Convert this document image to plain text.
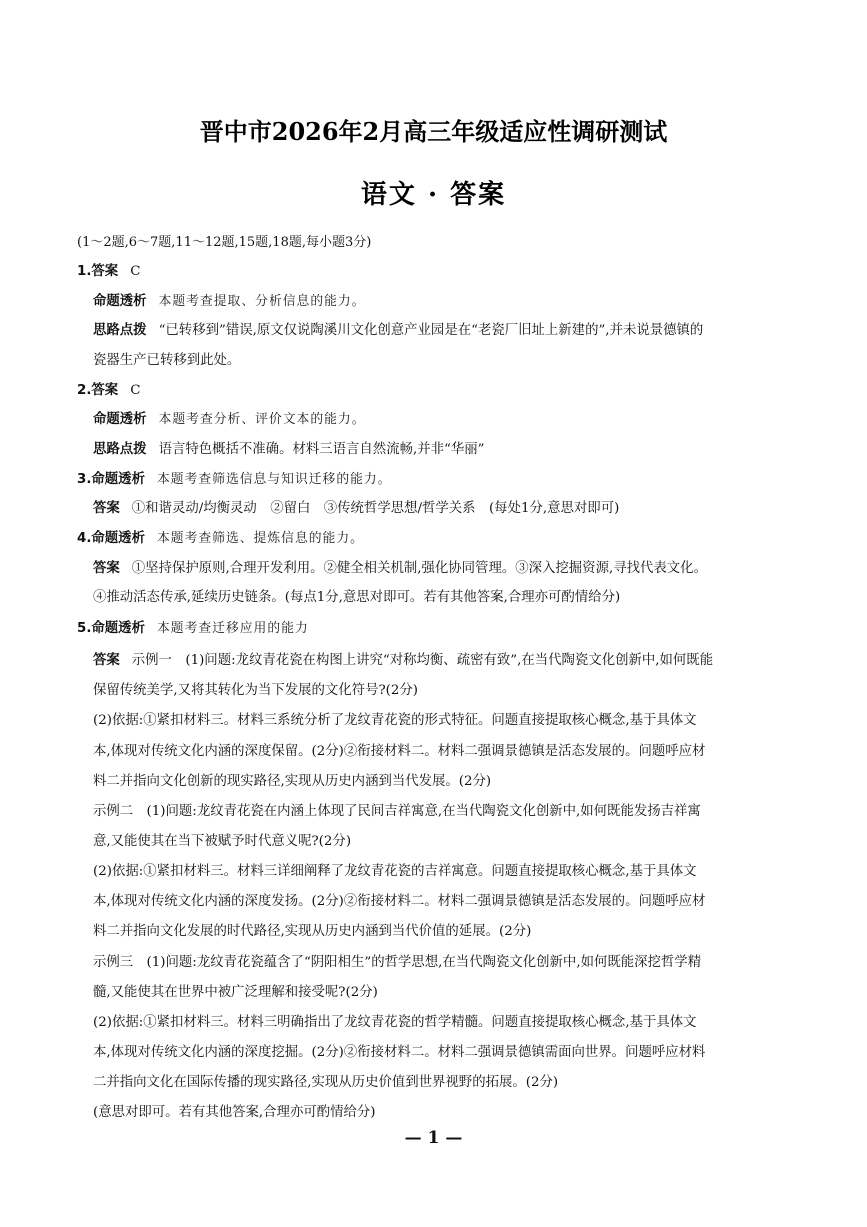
晋中市2026年2月高三年级适应性调研测试
语文 · 答案
(1～2题,6～7题,11～12题,15题,18题,每小题3分)
1.答案 C
命题透析 本题考查提取、分析信息的能力。
思路点拨 “已转移到”错误,原文仅说陶溪川文化创意产业园是在“老瓷厂旧址上新建的”,并未说景德镇的
瓷器生产已转移到此处。
2.答案 C
命题透析 本题考查分析、评价文本的能力。
思路点拨 语言特色概括不准确。材料三语言自然流畅,并非“华丽”
3.命题透析 本题考查筛选信息与知识迁移的能力。
答案 ①和谐灵动/均衡灵动　②留白　③传统哲学思想/哲学关系　(每处1分,意思对即可)
4.命题透析 本题考查筛选、提炼信息的能力。
答案 ①坚持保护原则,合理开发利用。②健全相关机制,强化协同管理。③深入挖掘资源,寻找代表文化。
④推动活态传承,延续历史链条。(每点1分,意思对即可。若有其他答案,合理亦可酌情给分)
5.命题透析 本题考查迁移应用的能力
答案 示例一　(1)问题:龙纹青花瓷在构图上讲究“对称均衡、疏密有致”,在当代陶瓷文化创新中,如何既能
保留传统美学,又将其转化为当下发展的文化符号?(2分)
(2)依据:①紧扣材料三。材料三系统分析了龙纹青花瓷的形式特征。问题直接提取核心概念,基于具体文
本,体现对传统文化内涵的深度保留。(2分)②衔接材料二。材料二强调景德镇是活态发展的。问题呼应材
料二并指向文化创新的现实路径,实现从历史内涵到当代发展。(2分)
示例二　(1)问题:龙纹青花瓷在内涵上体现了民间吉祥寓意,在当代陶瓷文化创新中,如何既能发扬吉祥寓
意,又能使其在当下被赋予时代意义呢?(2分)
(2)依据:①紧扣材料三。材料三详细阐释了龙纹青花瓷的吉祥寓意。问题直接提取核心概念,基于具体文
本,体现对传统文化内涵的深度发扬。(2分)②衔接材料二。材料二强调景德镇是活态发展的。问题呼应材
料二并指向文化发展的时代路径,实现从历史内涵到当代价值的延展。(2分)
示例三　(1)问题:龙纹青花瓷蕴含了“阴阳相生”的哲学思想,在当代陶瓷文化创新中,如何既能深挖哲学精
髓,又能使其在世界中被广泛理解和接受呢?(2分)
(2)依据:①紧扣材料三。材料三明确指出了龙纹青花瓷的哲学精髓。问题直接提取核心概念,基于具体文
本,体现对传统文化内涵的深度挖掘。(2分)②衔接材料二。材料二强调景德镇需面向世界。问题呼应材料
二并指向文化在国际传播的现实路径,实现从历史价值到世界视野的拓展。(2分)
(意思对即可。若有其他答案,合理亦可酌情给分)
— 1 —
